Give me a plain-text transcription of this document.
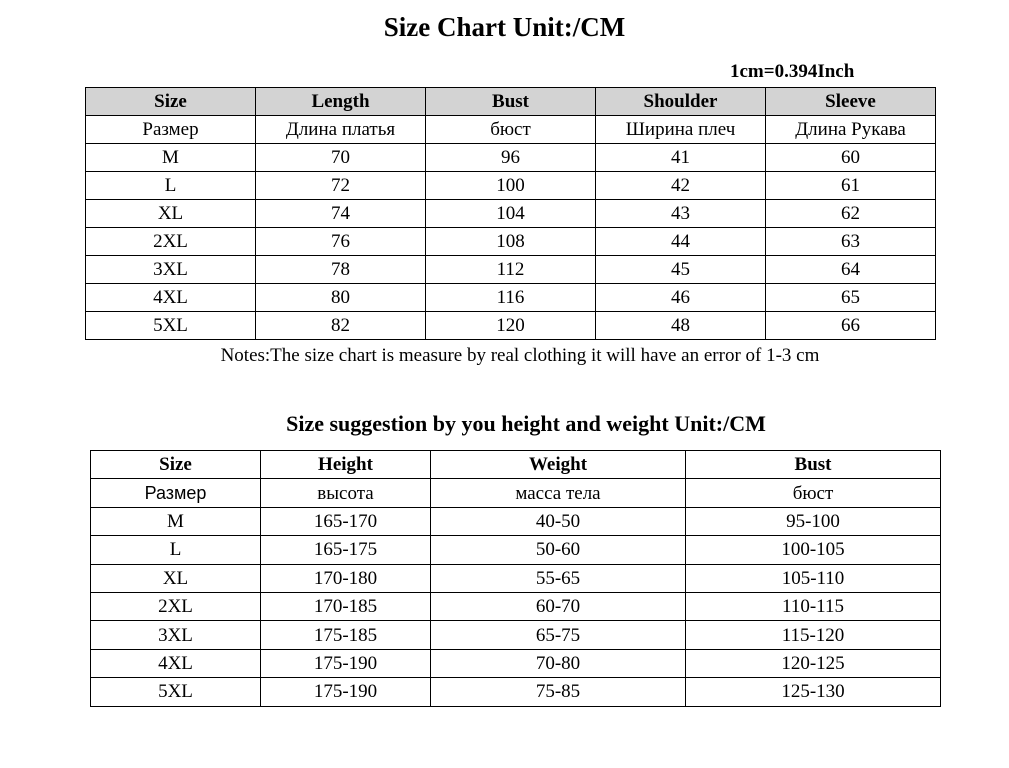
Size Chart Unit:/CM
1cm=0.394Inch
Size	Length	Bust	Shoulder	Sleeve
Размер	Длина платья	бюст	Ширина плеч	Длина Рукава
M	70	96	41	60
L	72	100	42	61
XL	74	104	43	62
2XL	76	108	44	63
3XL	78	112	45	64
4XL	80	116	46	65
5XL	82	120	48	66
Notes:The size chart is measure by real clothing it will have an error of 1-3 cm
Size suggestion by you height and weight Unit:/CM
Size	Height	Weight	Bust
Размер	высота	масса тела	бюст
M	165-170	40-50	95-100
L	165-175	50-60	100-105
XL	170-180	55-65	105-110
2XL	170-185	60-70	110-115
3XL	175-185	65-75	115-120
4XL	175-190	70-80	120-125
5XL	175-190	75-85	125-130
